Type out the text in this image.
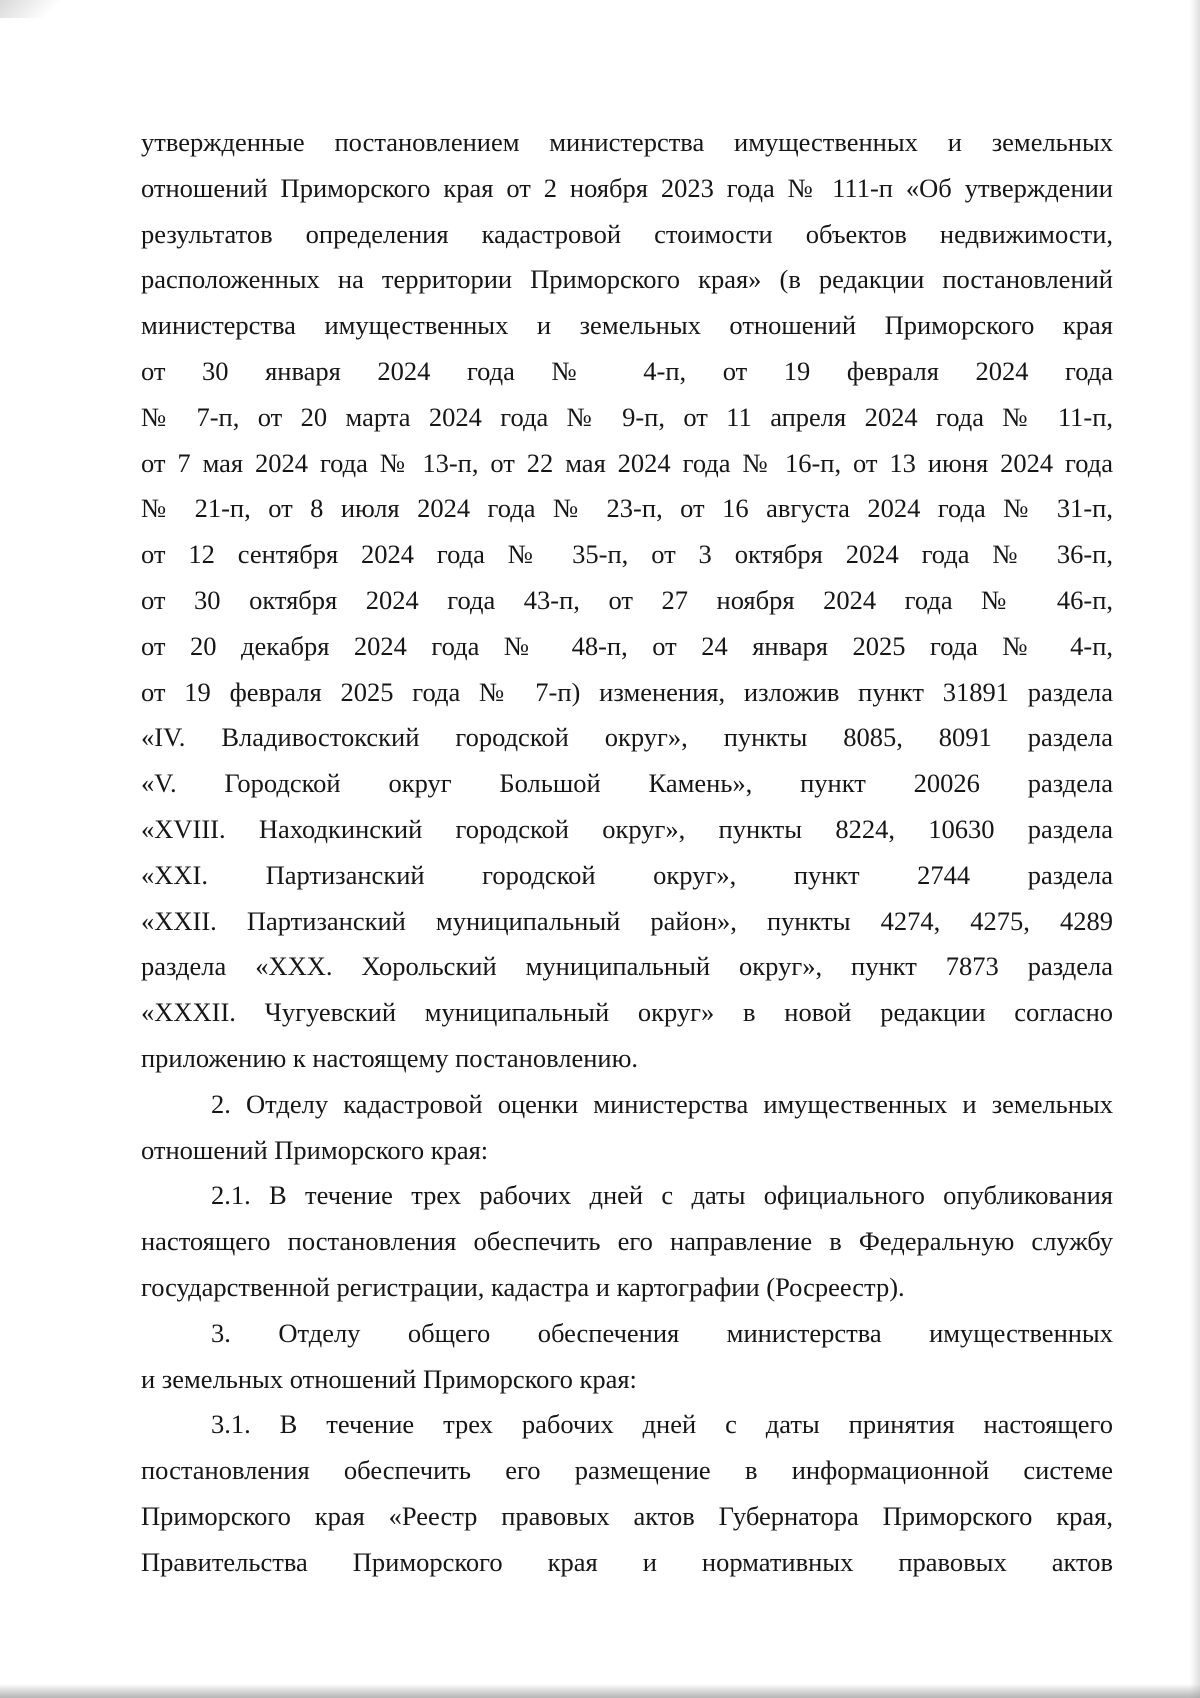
утвержденные постановлением министерства имущественных и земельных
отношений Приморского края от 2 ноября 2023 года № 111-п «Об утверждении
результатов определения кадастровой стоимости объектов недвижимости,
расположенных на территории Приморского края» (в редакции постановлений
министерства имущественных и земельных отношений Приморского края
от 30 января 2024 года № 4-п, от 19 февраля 2024 года
№ 7-п, от 20 марта 2024 года № 9-п, от 11 апреля 2024 года № 11-п,
от 7 мая 2024 года № 13-п, от 22 мая 2024 года № 16-п, от 13 июня 2024 года
№ 21-п, от 8 июля 2024 года № 23-п, от 16 августа 2024 года № 31-п,
от 12 сентября 2024 года № 35-п, от 3 октября 2024 года № 36-п,
от 30 октября 2024 года 43-п, от 27 ноября 2024 года № 46-п,
от 20 декабря 2024 года № 48-п, от 24 января 2025 года № 4-п,
от 19 февраля 2025 года № 7-п) изменения, изложив пункт 31891 раздела
«IV. Владивостокский городской округ», пункты 8085, 8091 раздела
«V. Городской округ Большой Камень», пункт 20026 раздела
«XVIII. Находкинский городской округ», пункты 8224, 10630 раздела
«XXI. Партизанский городской округ», пункт 2744 раздела
«XXII. Партизанский муниципальный район», пункты 4274, 4275, 4289
раздела «XXX. Хорольский муниципальный округ», пункт 7873 раздела
«XXXII. Чугуевский муниципальный округ» в новой редакции согласно
приложению к настоящему постановлению.
2. Отделу кадастровой оценки министерства имущественных и земельных
отношений Приморского края:
2.1. В течение трех рабочих дней с даты официального опубликования
настоящего постановления обеспечить его направление в Федеральную службу
государственной регистрации, кадастра и картографии (Росреестр).
3. Отделу общего обеспечения министерства имущественных
и земельных отношений Приморского края:
3.1. В течение трех рабочих дней с даты принятия настоящего
постановления обеспечить его размещение в информационной системе
Приморского края «Реестр правовых актов Губернатора Приморского края,
Правительства Приморского края и нормативных правовых актов
